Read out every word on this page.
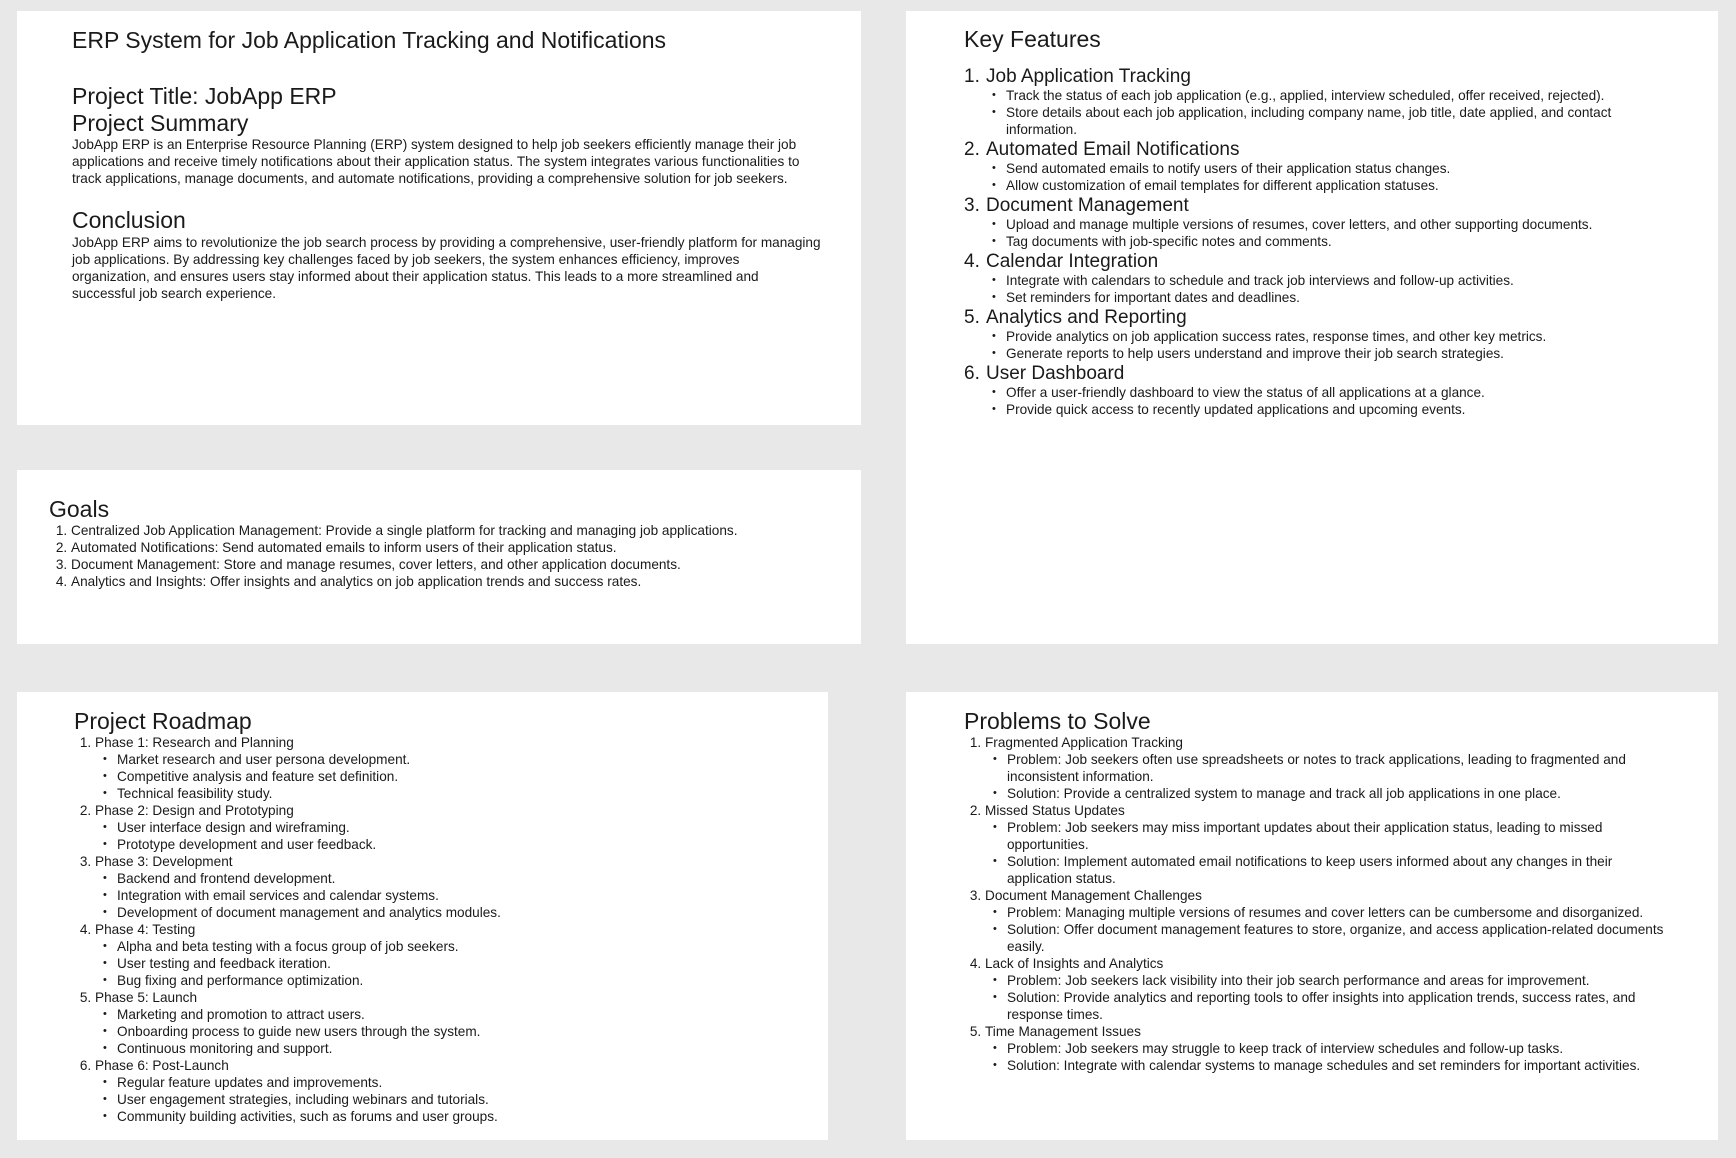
ERP System for Job Application Tracking and Notifications
Project Title: JobApp ERP
Project Summary

JobApp ERP is an Enterprise Resource Planning (ERP) system designed to help job seekers efficiently manage their job applications and receive timely notifications about their application status. The system integrates various functionalities to track applications, manage documents, and automate notifications, providing a comprehensive solution for job seekers.

Conclusion

JobApp ERP aims to revolutionize the job search process by providing a comprehensive, user-friendly platform for managing job applications. By addressing key challenges faced by job seekers, the system enhances efficiency, improves organization, and ensures users stay informed about their application status. This leads to a more streamlined and successful job search experience.

Goals
1. Centralized Job Application Management: Provide a single platform for tracking and managing job applications.
2. Automated Notifications: Send automated emails to inform users of their application status.
3. Document Management: Store and manage resumes, cover letters, and other application documents.
4. Analytics and Insights: Offer insights and analytics on job application trends and success rates.
Key Features
1. Job Application Tracking
• Track the status of each job application (e.g., applied, interview scheduled, offer received, rejected).
• Store details about each job application, including company name, job title, date applied, and contact information.
2. Automated Email Notifications
• Send automated emails to notify users of their application status changes.
• Allow customization of email templates for different application statuses.
3. Document Management
• Upload and manage multiple versions of resumes, cover letters, and other supporting documents.
• Tag documents with job-specific notes and comments.
4. Calendar Integration
• Integrate with calendars to schedule and track job interviews and follow-up activities.
• Set reminders for important dates and deadlines.
5. Analytics and Reporting
• Provide analytics on job application success rates, response times, and other key metrics.
• Generate reports to help users understand and improve their job search strategies.
6. User Dashboard
• Offer a user-friendly dashboard to view the status of all applications at a glance.
• Provide quick access to recently updated applications and upcoming events.
Project Roadmap
1. Phase 1: Research and Planning
• Market research and user persona development.
• Competitive analysis and feature set definition.
• Technical feasibility study.
2. Phase 2: Design and Prototyping
• User interface design and wireframing.
• Prototype development and user feedback.
3. Phase 3: Development
• Backend and frontend development.
• Integration with email services and calendar systems.
• Development of document management and analytics modules.
4. Phase 4: Testing
• Alpha and beta testing with a focus group of job seekers.
• User testing and feedback iteration.
• Bug fixing and performance optimization.
5. Phase 5: Launch
• Marketing and promotion to attract users.
• Onboarding process to guide new users through the system.
• Continuous monitoring and support.
6. Phase 6: Post-Launch
• Regular feature updates and improvements.
• User engagement strategies, including webinars and tutorials.
• Community building activities, such as forums and user groups.
Problems to Solve
1. Fragmented Application Tracking
• Problem: Job seekers often use spreadsheets or notes to track applications, leading to fragmented and inconsistent information.
• Solution: Provide a centralized system to manage and track all job applications in one place.
2. Missed Status Updates
• Problem: Job seekers may miss important updates about their application status, leading to missed opportunities.
• Solution: Implement automated email notifications to keep users informed about any changes in their application status.
3. Document Management Challenges
• Problem: Managing multiple versions of resumes and cover letters can be cumbersome and disorganized.
• Solution: Offer document management features to store, organize, and access application-related documents easily.
4. Lack of Insights and Analytics
• Problem: Job seekers lack visibility into their job search performance and areas for improvement.
• Solution: Provide analytics and reporting tools to offer insights into application trends, success rates, and response times.
5. Time Management Issues
• Problem: Job seekers may struggle to keep track of interview schedules and follow-up tasks.
• Solution: Integrate with calendar systems to manage schedules and set reminders for important activities.
